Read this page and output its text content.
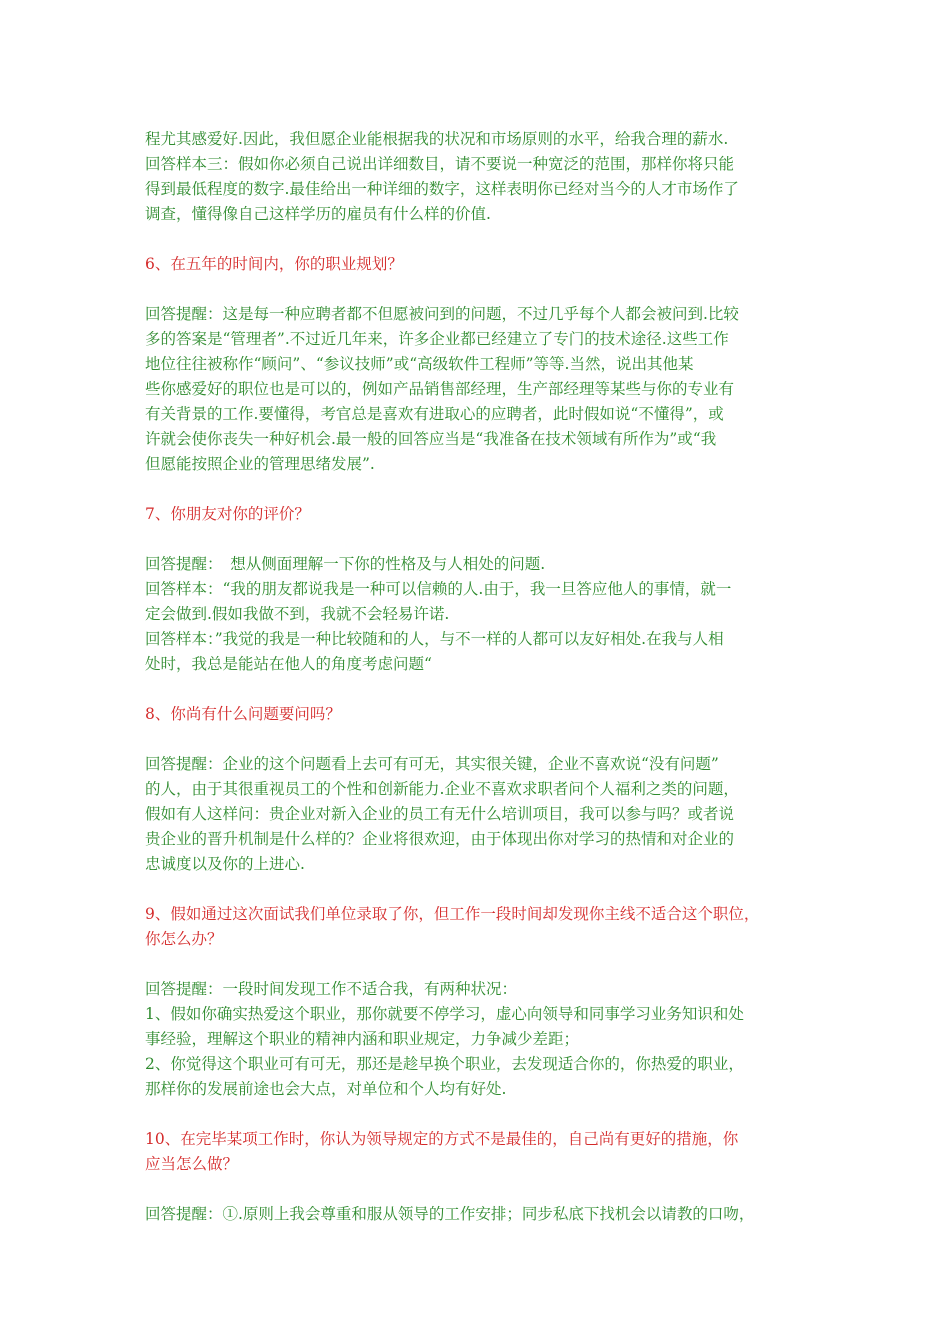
程尤其感爱好.因此，我但愿企业能根据我的状况和市场原则的水平，给我合理的薪水.
回答样本三：假如你必须自己说出详细数目，请不要说一种宽泛的范围，那样你将只能
得到最低程度的数字.最佳给出一种详细的数字，这样表明你已经对当今的人才市场作了
调查，懂得像自己这样学历的雇员有什么样的价值.
6、在五年的时间内，你的职业规划？
回答提醒：这是每一种应聘者都不但愿被问到的问题，不过几乎每个人都会被问到.比较
多的答案是“管理者”.不过近几年来，许多企业都已经建立了专门的技术途径.这些工作
地位往往被称作“顾问”、“参议技师”或“高级软件工程师”等等.当然，说出其他某
些你感爱好的职位也是可以的，例如产品销售部经理，生产部经理等某些与你的专业有
有关背景的工作.要懂得，考官总是喜欢有进取心的应聘者，此时假如说“不懂得”，或
许就会使你丧失一种好机会.最一般的回答应当是“我准备在技术领域有所作为”或“我
但愿能按照企业的管理思绪发展”.
7、你朋友对你的评价？
回答提醒：　想从侧面理解一下你的性格及与人相处的问题.
回答样本：“我的朋友都说我是一种可以信赖的人.由于，我一旦答应他人的事情，就一
定会做到.假如我做不到，我就不会轻易许诺.
回答样本：”我觉的我是一种比较随和的人，与不一样的人都可以友好相处.在我与人相
处时，我总是能站在他人的角度考虑问题“
8、你尚有什么问题要问吗？
回答提醒：企业的这个问题看上去可有可无，其实很关键，企业不喜欢说“没有问题”
的人，由于其很重视员工的个性和创新能力.企业不喜欢求职者问个人福利之类的问题，
假如有人这样问：贵企业对新入企业的员工有无什么培训项目，我可以参与吗？或者说
贵企业的晋升机制是什么样的？企业将很欢迎，由于体现出你对学习的热情和对企业的
忠诚度以及你的上进心.
9、假如通过这次面试我们单位录取了你，但工作一段时间却发现你主线不适合这个职位，
你怎么办？
回答提醒：一段时间发现工作不适合我，有两种状况：
1、假如你确实热爱这个职业，那你就要不停学习，虚心向领导和同事学习业务知识和处
事经验，理解这个职业的精神内涵和职业规定，力争减少差距；
2、你觉得这个职业可有可无，那还是趁早换个职业，去发现适合你的，你热爱的职业，
那样你的发展前途也会大点，对单位和个人均有好处.
10、在完毕某项工作时，你认为领导规定的方式不是最佳的，自己尚有更好的措施，你
应当怎么做？
回答提醒：①.原则上我会尊重和服从领导的工作安排；同步私底下找机会以请教的口吻，
